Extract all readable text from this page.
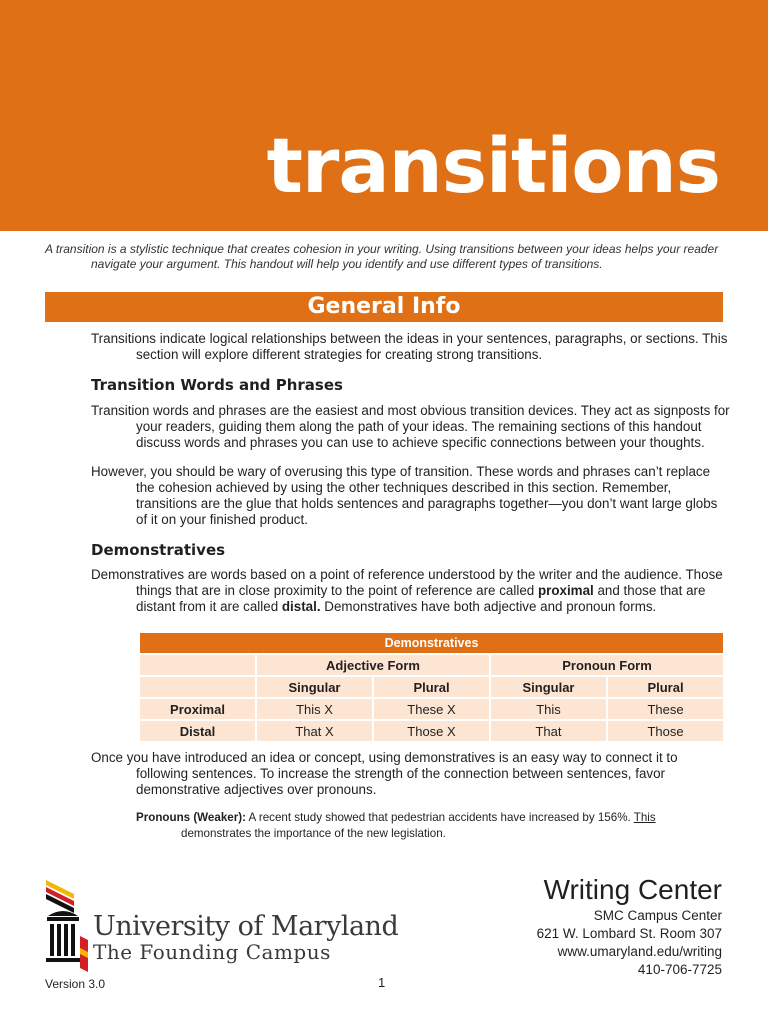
transitions

A transition is a stylistic technique that creates cohesion in your writing. Using transitions between your ideas helps your reader navigate your argument. This handout will help you identify and use different types of transitions.

General Info

Transitions indicate logical relationships between the ideas in your sentences, paragraphs, or sections. This section will explore different strategies for creating strong transitions.

Transition Words and Phrases

Transition words and phrases are the easiest and most obvious transition devices. They act as signposts for your readers, guiding them along the path of your ideas. The remaining sections of this handout discuss words and phrases you can use to achieve specific connections between your thoughts.

However, you should be wary of overusing this type of transition. These words and phrases can’t replace the cohesion achieved by using the other techniques described in this section. Remember, transitions are the glue that holds sentences and paragraphs together—you don’t want large globs of it on your finished product.

Demonstratives

Demonstratives are words based on a point of reference understood by the writer and the audience. Those things that are in close proximity to the point of reference are called proximal and those that are distant from it are called distal. Demonstratives have both adjective and pronoun forms.

Demonstratives				
	Adjective Form		Pronoun Form	
	Singular	Plural	Singular	Plural
Proximal	This X	These X	This	These
Distal	That X	Those X	That	Those

Once you have introduced an idea or concept, using demonstratives is an easy way to connect it to following sentences. To increase the strength of the connection between sentences, favor demonstrative adjectives over pronouns.

Pronouns (Weaker): A recent study showed that pedestrian accidents have increased by 156%. This demonstrates the importance of the new legislation.

University of Maryland
The Founding Campus
Version 3.0	1
Writing Center
SMC Campus Center
621 W. Lombard St. Room 307
www.umaryland.edu/writing
410-706-7725
